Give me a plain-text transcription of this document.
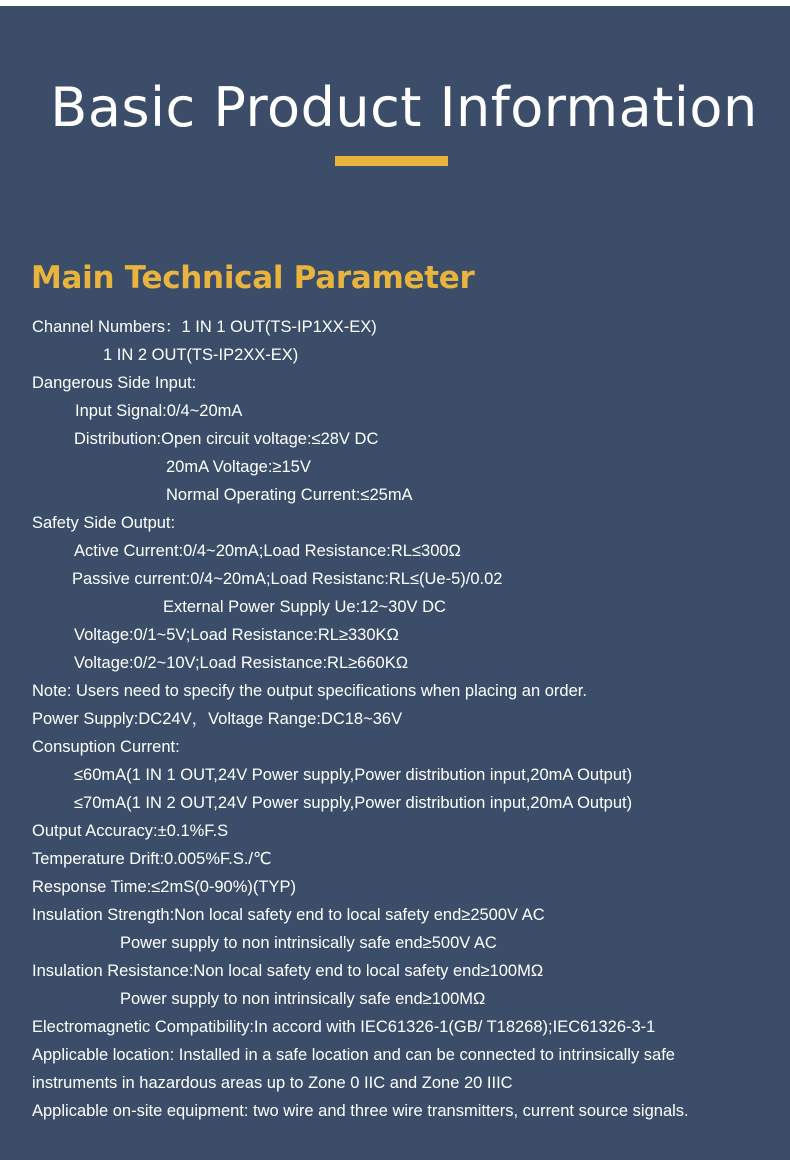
Basic Product Information
Main Technical Parameter
Channel Numbers：1 IN 1 OUT(TS-IP1XX-EX)
1 IN 2 OUT(TS-IP2XX-EX)
Dangerous Side Input:
Input Signal:0/4~20mA
Distribution:Open circuit voltage:≤28V DC
20mA Voltage:≥15V
Normal Operating Current:≤25mA
Safety Side Output:
Active Current:0/4~20mA;Load Resistance:RL≤300Ω
Passive current:0/4~20mA;Load Resistanc:RL≤(Ue-5)/0.02
External Power Supply Ue:12~30V DC
Voltage:0/1~5V;Load Resistance:RL≥330KΩ
Voltage:0/2~10V;Load Resistance:RL≥660KΩ
Note: Users need to specify the output specifications when placing an order.
Power Supply:DC24V，Voltage Range:DC18~36V
Consuption Current:
≤60mA(1 IN 1 OUT,24V Power supply,Power distribution input,20mA Output)
≤70mA(1 IN 2 OUT,24V Power supply,Power distribution input,20mA Output)
Output Accuracy:±0.1%F.S
Temperature Drift:0.005%F.S./℃
Response Time:≤2mS(0-90%)(TYP)
Insulation Strength:Non local safety end to local safety end≥2500V AC
Power supply to non intrinsically safe end≥500V AC
Insulation Resistance:Non local safety end to local safety end≥100MΩ
Power supply to non intrinsically safe end≥100MΩ
Electromagnetic Compatibility:In accord with IEC61326-1(GB/ T18268);IEC61326-3-1
Applicable location: Installed in a safe location and can be connected to intrinsically safe instruments in hazardous areas up to Zone 0 IIC and Zone 20 IIIC
Applicable on-site equipment: two wire and three wire transmitters, current source signals.
